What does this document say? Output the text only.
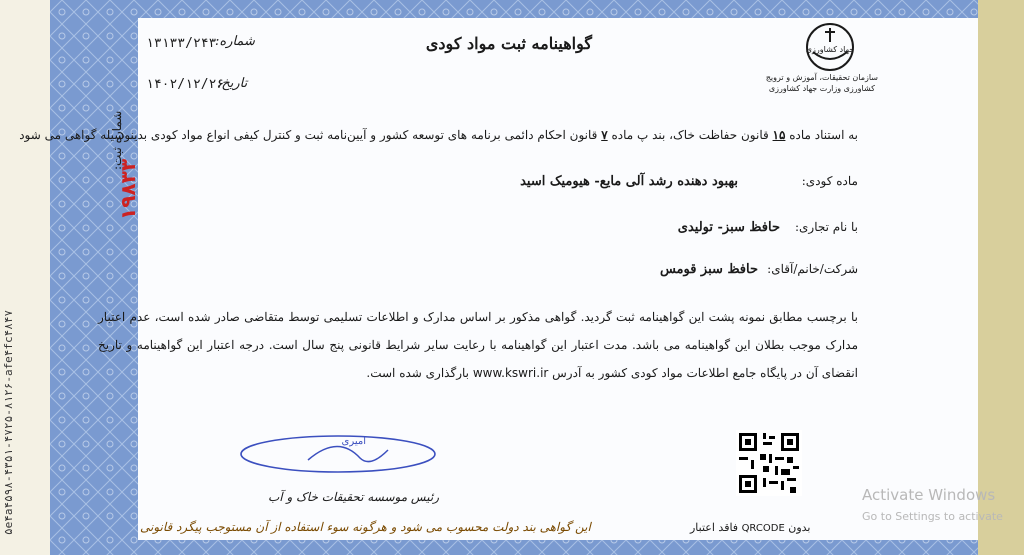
۵e۴a۴۵۹۸-۴۳۵۱-۴۷۲۵-۸۱۲۶-afe۴fc۴۸۴۷
گواهینامه ثبت مواد کودی
شماره:
۱۳۱۳۳/۲۴۳
تاریخ:
۱۴۰۲/۱۲/۲۶
جهاد کشاورزی
سازمان تحقیقات، آموزش و ترویج
کشاورزی وزارت جهاد کشاورزی
به استناد ماده ۱۵ قانون حفاظت خاک، بند پ ماده ۷ قانون احکام دائمی برنامه های توسعه کشور و آیین‌نامه ثبت و کنترل کیفی انواع مواد کودی بدینوسیله گواهی می شود
ماده کودی:
بهبود دهنده رشد آلی مایع- هیومیک اسید
با نام تجاری:
حافظ سبز- تولیدی
شرکت/خانم/آقای:
حافظ سبز قومس
با برچسب مطابق نمونه پشت این گواهینامه ثبت گردید. گواهی مذکور بر اساس مدارک و اطلاعات تسلیمی توسط متقاضی صادر شده است، عدم اعتبار مدارک موجب بطلان این گواهینامه می باشد. مدت اعتبار این گواهینامه با رعایت سایر شرایط قانونی پنج سال است. درجه اعتبار این گواهینامه و تاریخ انقضای آن در پایگاه جامع اطلاعات مواد کودی کشور به آدرس www.kswri.ir بارگذاری شده است.
شماره ثبت:
۱۹۸۳۳
امیری
رئیس موسسه تحقیقات خاک و آب
این گواهی بند دولت محسوب می شود و هرگونه سوء استفاده از آن مستوجب پیگرد قانونی	بدون QRCODE فاقد اعتبار
Activate Windows
Go to Settings to activate
